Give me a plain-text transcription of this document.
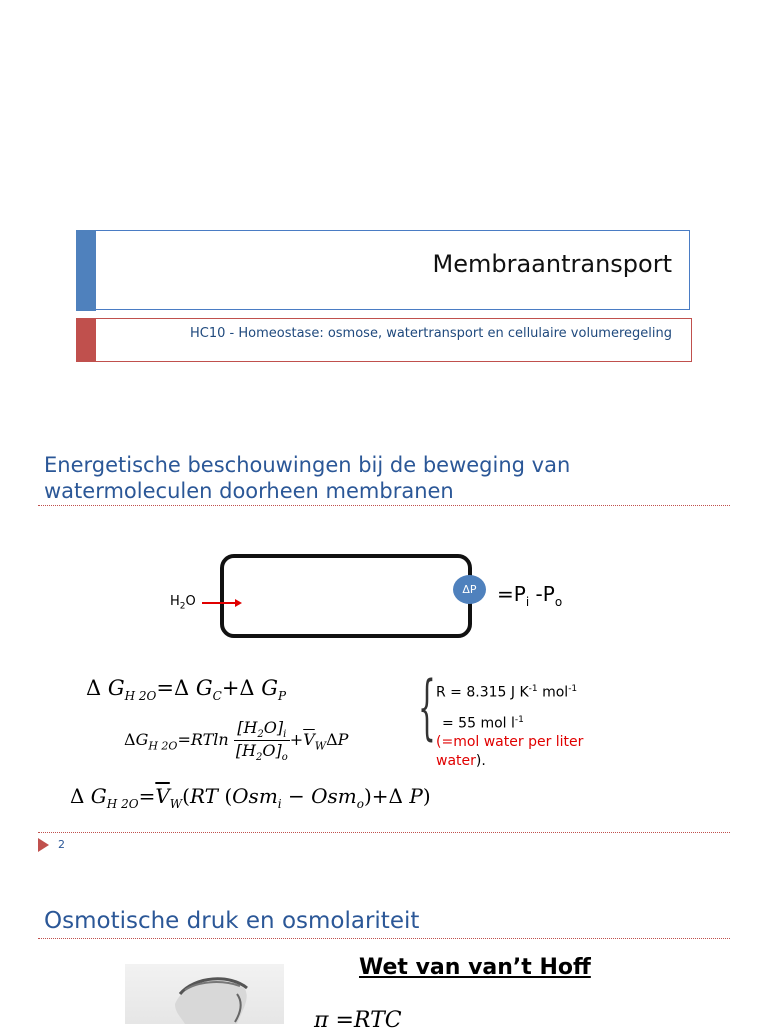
Membraantransport
HC10 - Homeostase: osmose, watertransport en cellulaire volumeregeling
Energetische beschouwingen bij de beweging van
watermoleculen doorheen membranen
$H_2O$
ΔP	$=P_i$ $-P_o$
Δ $G_{H 2O}=\Delta$ $G_C+\Delta$ $G_P$
$\Delta G_{H 2O}=RTln \frac{[H_2O]_i}{[H_2O]_o} +\overline{V}_W\Delta P$
Δ $G_{H 2O}=\overline{V}_W(RT$ (Osm$_i$ − Osm$_o$)+Δ P)
{ R = 8.315 J $K^{-1}$ mol$^{-1}$
= 55 mol $l^{-1}$
(=mol water per liter water).
2
Osmotische druk en osmolariteit
Wet van van’t Hoff
π =RTC
